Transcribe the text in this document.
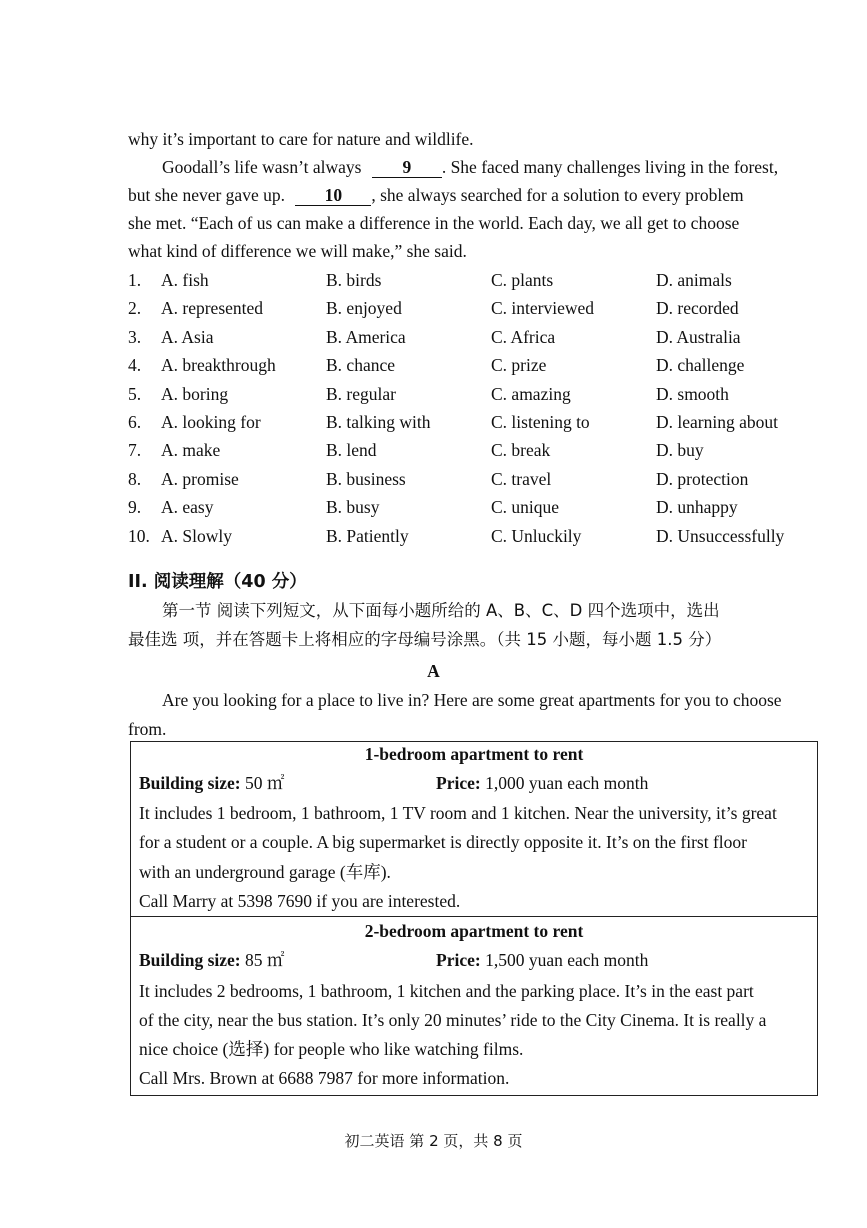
why it’s important to care for nature and wildlife.
Goodall’s life wasn’t always 9 . She faced many challenges living in the forest,
but she never gave up. 10 , she always searched for a solution to every problem
she met. “Each of us can make a difference in the world. Each day, we all get to choose
what kind of difference we will make,” she said.
1. A. fish	B. birds	C. plants	D. animals
2. A. represented	B. enjoyed	C. interviewed	D. recorded
3. A. Asia	B. America	C. Africa	D. Australia
4. A. breakthrough	B. chance	C. prize	D. challenge
5. A. boring	B. regular	C. amazing	D. smooth
6. A. looking for	B. talking with	C. listening to	D. learning about
7. A. make	B. lend	C. break	D. buy
8. A. promise	B. business	C. travel	D. protection
9. A. easy	B. busy	C. unique	D. unhappy
10. A. Slowly	B. Patiently	C. Unluckily	D. Unsuccessfully
II. 阅读理解（40 分）
第一节 阅读下列短文，从下面每小题所给的 A、B、C、D 四个选项中，选出
最佳选 项，并在答题卡上将相应的字母编号涂黑。（共 15 小题，每小题 1.5 分）
A
Are you looking for a place to live in? Here are some great apartments for you to choose
from.
1-bedroom apartment to rent
Building size: 50 ㎡	Price: 1,000 yuan each month
It includes 1 bedroom, 1 bathroom, 1 TV room and 1 kitchen. Near the university, it’s great
for a student or a couple. A big supermarket is directly opposite it. It’s on the first floor
with an underground garage (车库).
Call Marry at 5398 7690 if you are interested.
2-bedroom apartment to rent
Building size: 85 ㎡	Price: 1,500 yuan each month
It includes 2 bedrooms, 1 bathroom, 1 kitchen and the parking place. It’s in the east part
of the city, near the bus station. It’s only 20 minutes’ ride to the City Cinema. It is really a
nice choice (选择) for people who like watching films.
Call Mrs. Brown at 6688 7987 for more information.
初二英语 第 2 页，共 8 页
